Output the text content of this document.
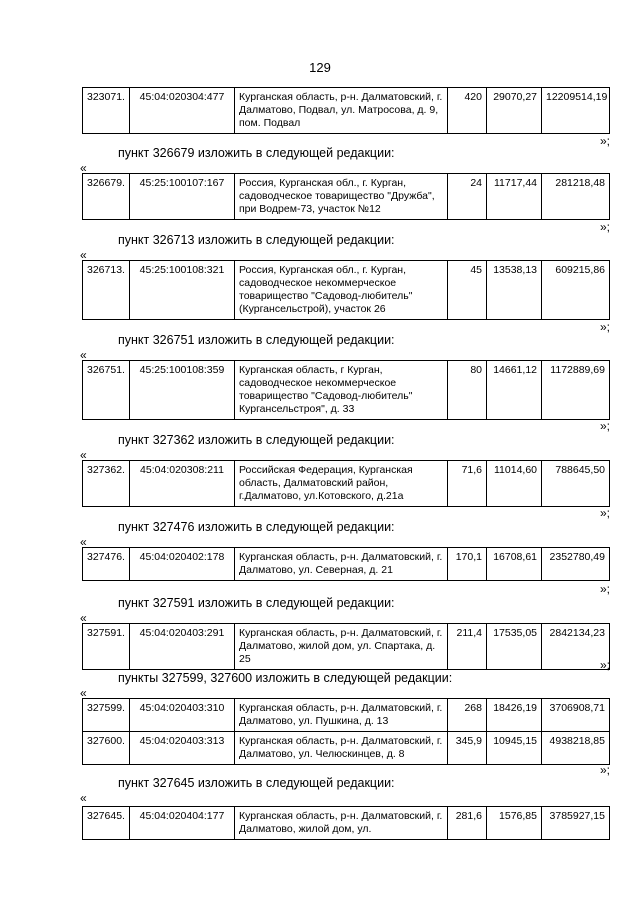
129
323071.	45:04:020304:477	Курганская область, р-н. Далматовский, г. Далматово, Подвал, ул. Матросова, д. 9, пом. Подвал	420	29070,27	12209514,19
»;
пункт 326679 изложить в следующей редакции:
«
326679.	45:25:100107:167	Россия, Курганская обл., г. Курган, садоводческое товарищество "Дружба", при Водрем-73, участок №12	24	11717,44	281218,48
»;
пункт 326713 изложить в следующей редакции:
«
326713.	45:25:100108:321	Россия, Курганская обл., г. Курган, садоводческое некоммерческое товарищество "Садовод-любитель" (Кургансельстрой), участок 26	45	13538,13	609215,86
»;
пункт 326751 изложить в следующей редакции:
«
326751.	45:25:100108:359	Курганская область, г Курган, садоводческое некоммерческое товарищество "Садовод-любитель" Кургансельстроя", д. 33	80	14661,12	1172889,69
»;
пункт 327362 изложить в следующей редакции:
«
327362.	45:04:020308:211	Российская Федерация, Курганская область, Далматовский район, г.Далматово, ул.Котовского, д.21а	71,6	11014,60	788645,50
»;
пункт 327476 изложить в следующей редакции:
«
327476.	45:04:020402:178	Курганская область, р-н. Далматовский, г. Далматово, ул. Северная, д. 21	170,1	16708,61	2352780,49
»;
пункт 327591 изложить в следующей редакции:
«
327591.	45:04:020403:291	Курганская область, р-н. Далматовский, г. Далматово, жилой дом, ул. Спартака, д. 25	211,4	17535,05	2842134,23
»;
пункты 327599, 327600 изложить в следующей редакции:
«
327599.	45:04:020403:310	Курганская область, р-н. Далматовский, г. Далматово, ул. Пушкина, д. 13	268	18426,19	3706908,71
327600.	45:04:020403:313	Курганская область, р-н. Далматовский, г. Далматово, ул. Челюскинцев, д. 8	345,9	10945,15	4938218,85
»;
пункт 327645 изложить в следующей редакции:
«
327645.	45:04:020404:177	Курганская область, р-н. Далматовский, г. Далматово, жилой дом, ул.	281,6	1576,85	3785927,15
